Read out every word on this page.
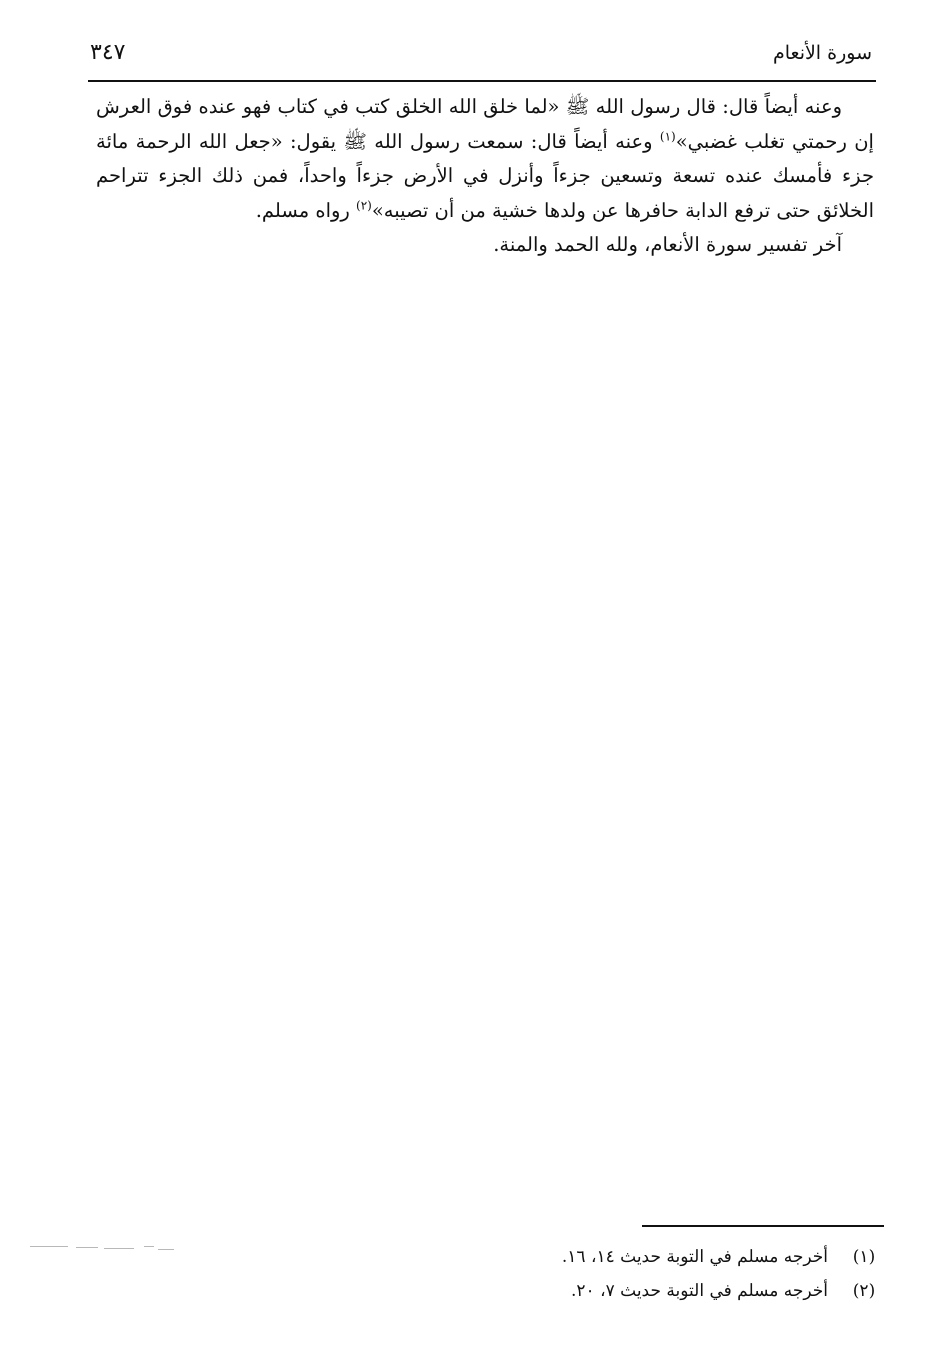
سورة الأنعام
٣٤٧

وعنه أيضاً قال: قال رسول الله ﷺ «لما خلق الله الخلق كتب في كتاب فهو عنده فوق العرش إن رحمتي تغلب غضبي»$^{(١)}$ وعنه أيضاً قال: سمعت رسول الله ﷺ يقول: «جعل الله الرحمة مائة جزء فأمسك عنده تسعة وتسعين جزءاً وأنزل في الأرض جزءاً واحداً، فمن ذلك الجزء تتراحم الخلائق حتى ترفع الدابة حافرها عن ولدها خشية من أن تصيبه»$^{(٢)}$ رواه مسلم.

آخر تفسير سورة الأنعام، ولله الحمد والمنة.

(١)أخرجه مسلم في التوبة حديث ١٤، ١٦.
(٢)أخرجه مسلم في التوبة حديث ٧، ٢٠.
